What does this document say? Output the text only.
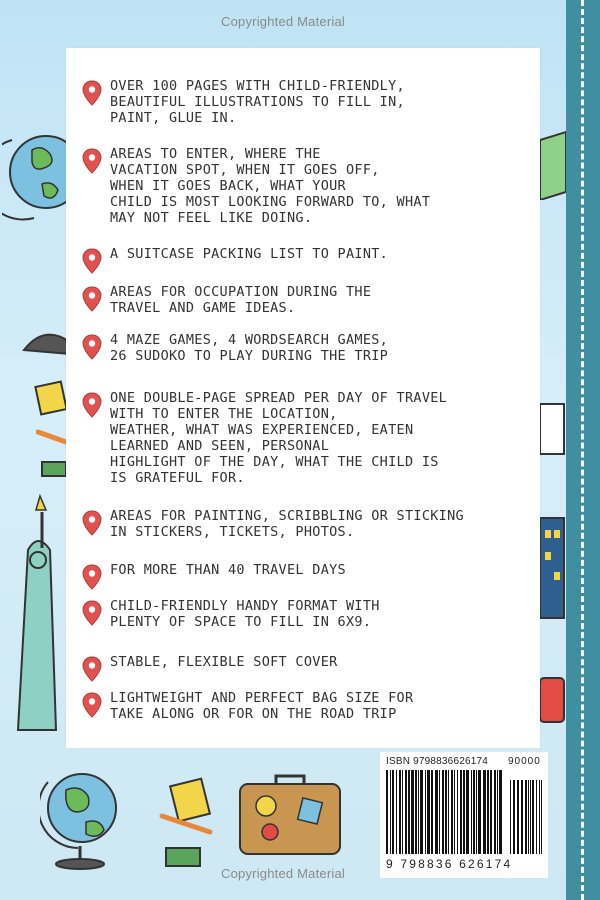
Copyrighted Material
OVER 100 PAGES WITH CHILD-FRIENDLY,
BEAUTIFUL ILLUSTRATIONS TO FILL IN,
PAINT, GLUE IN.
AREAS TO ENTER, WHERE THE
VACATION SPOT, WHEN IT GOES OFF,
WHEN IT GOES BACK, WHAT YOUR
CHILD IS MOST LOOKING FORWARD TO, WHAT
MAY NOT FEEL LIKE DOING.
A SUITCASE PACKING LIST TO PAINT.
AREAS FOR OCCUPATION DURING THE
TRAVEL AND GAME IDEAS.
4 MAZE GAMES, 4 WORDSEARCH GAMES,
26 SUDOKO TO PLAY DURING THE TRIP
ONE DOUBLE-PAGE SPREAD PER DAY OF TRAVEL
WITH TO ENTER THE LOCATION,
WEATHER, WHAT WAS EXPERIENCED, EATEN
LEARNED AND SEEN, PERSONAL
HIGHLIGHT OF THE DAY, WHAT THE CHILD IS
IS GRATEFUL FOR.
AREAS FOR PAINTING, SCRIBBLING OR STICKING
IN STICKERS, TICKETS, PHOTOS.
FOR MORE THAN 40 TRAVEL DAYS
CHILD-FRIENDLY HANDY FORMAT WITH
PLENTY OF SPACE TO FILL IN 6X9.
STABLE, FLEXIBLE SOFT COVER
LIGHTWEIGHT AND PERFECT BAG SIZE FOR
TAKE ALONG OR FOR ON THE ROAD TRIP
ISBN 9798836626174 90000
9 798836 626174
Copyrighted Material
